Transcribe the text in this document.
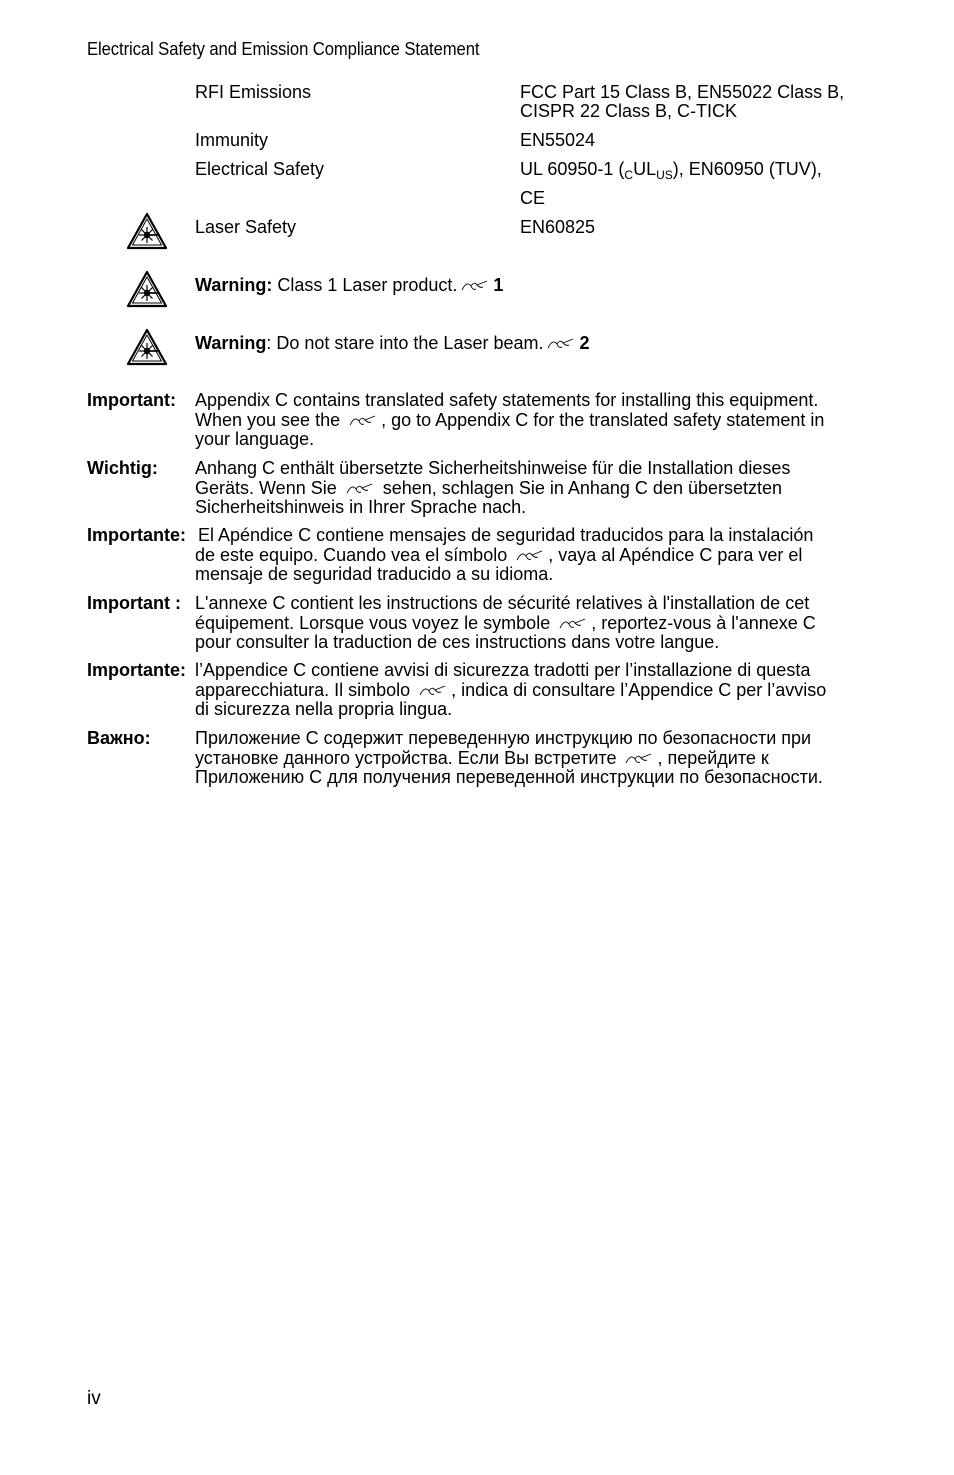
Electrical Safety and Emission Compliance Statement
RFI Emissions	FCC Part 15 Class B, EN55022 Class B,
CISPR 22 Class B, C-TICK
Immunity	EN55024
Electrical Safety	UL 60950-1 $(_CUL_{US})$, EN60950 (TUV),
CE
Laser Safety	EN60825
Warning: Class 1 Laser product. 1
Warning: Do not stare into the Laser beam. 2
Important: Appendix C contains translated safety statements for installing this equipment.
When you see the
, go to Appendix C for the translated safety statement in
your language.
Wichtig: Anhang C enthält übersetzte Sicherheitshinweise für die Installation dieses
Geräts. Wenn Sie
sehen, schlagen Sie in Anhang C den übersetzten
Sicherheitshinweis in Ihrer Sprache nach.
Importante: El Apéndice C contiene mensajes de seguridad traducidos para la instalación
de este equipo. Cuando vea el símbolo
, vaya al Apéndice C para ver el
mensaje de seguridad traducido a su idioma.
Important : L'annexe C contient les instructions de sécurité relatives à l'installation de cet
équipement. Lorsque vous voyez le symbole
, reportez-vous à l'annexe C
pour consulter la traduction de ces instructions dans votre langue.
Importante: l’Appendice C contiene avvisi di sicurezza tradotti per l’installazione di questa
apparecchiatura. Il simbolo
, indica di consultare l’Appendice C per l’avviso
di sicurezza nella propria lingua.
Важно: Приложение С содержит переведенную инструкцию по безопасности при
установке данного устройства. Если Вы встретите
, перейдите к
Приложению С для получения переведенной инструкции по безопасности.
iv
